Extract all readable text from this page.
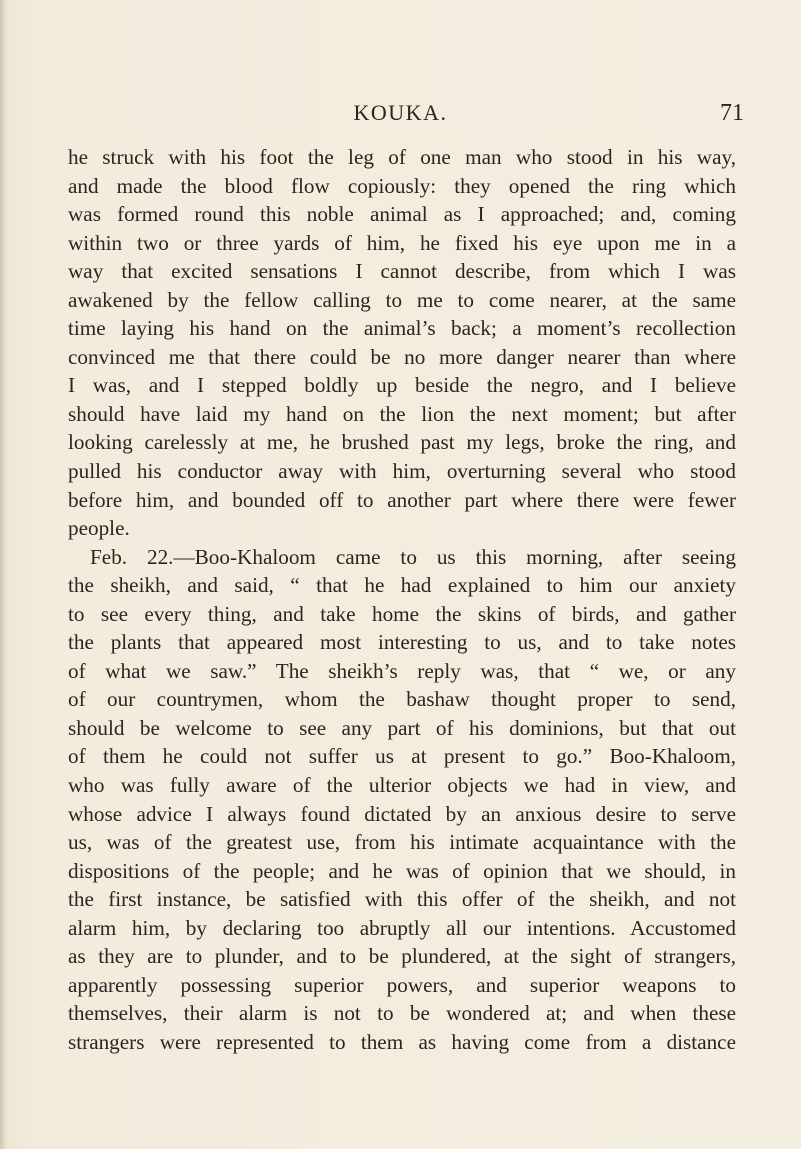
KOUKA.	71
he struck with his foot the leg of one man who stood in his way,
and made the blood flow copiously: they opened the ring which
was formed round this noble animal as I approached; and, coming
within two or three yards of him, he fixed his eye upon me in a
way that excited sensations I cannot describe, from which I was
awakened by the fellow calling to me to come nearer, at the same
time laying his hand on the animal’s back; a moment’s recollection
convinced me that there could be no more danger nearer than where
I was, and I stepped boldly up beside the negro, and I believe
should have laid my hand on the lion the next moment; but after
looking carelessly at me, he brushed past my legs, broke the ring, and
pulled his conductor away with him, overturning several who stood
before him, and bounded off to another part where there were fewer
people.
Feb. 22.—Boo-Khaloom came to us this morning, after seeing
the sheikh, and said, “ that he had explained to him our anxiety
to see every thing, and take home the skins of birds, and gather
the plants that appeared most interesting to us, and to take notes
of what we saw.” The sheikh’s reply was, that “ we, or any
of our countrymen, whom the bashaw thought proper to send,
should be welcome to see any part of his dominions, but that out
of them he could not suffer us at present to go.” Boo-Khaloom,
who was fully aware of the ulterior objects we had in view, and
whose advice I always found dictated by an anxious desire to serve
us, was of the greatest use, from his intimate acquaintance with the
dispositions of the people; and he was of opinion that we should, in
the first instance, be satisfied with this offer of the sheikh, and not
alarm him, by declaring too abruptly all our intentions. Accustomed
as they are to plunder, and to be plundered, at the sight of strangers,
apparently possessing superior powers, and superior weapons to
themselves, their alarm is not to be wondered at; and when these
strangers were represented to them as having come from a distance
